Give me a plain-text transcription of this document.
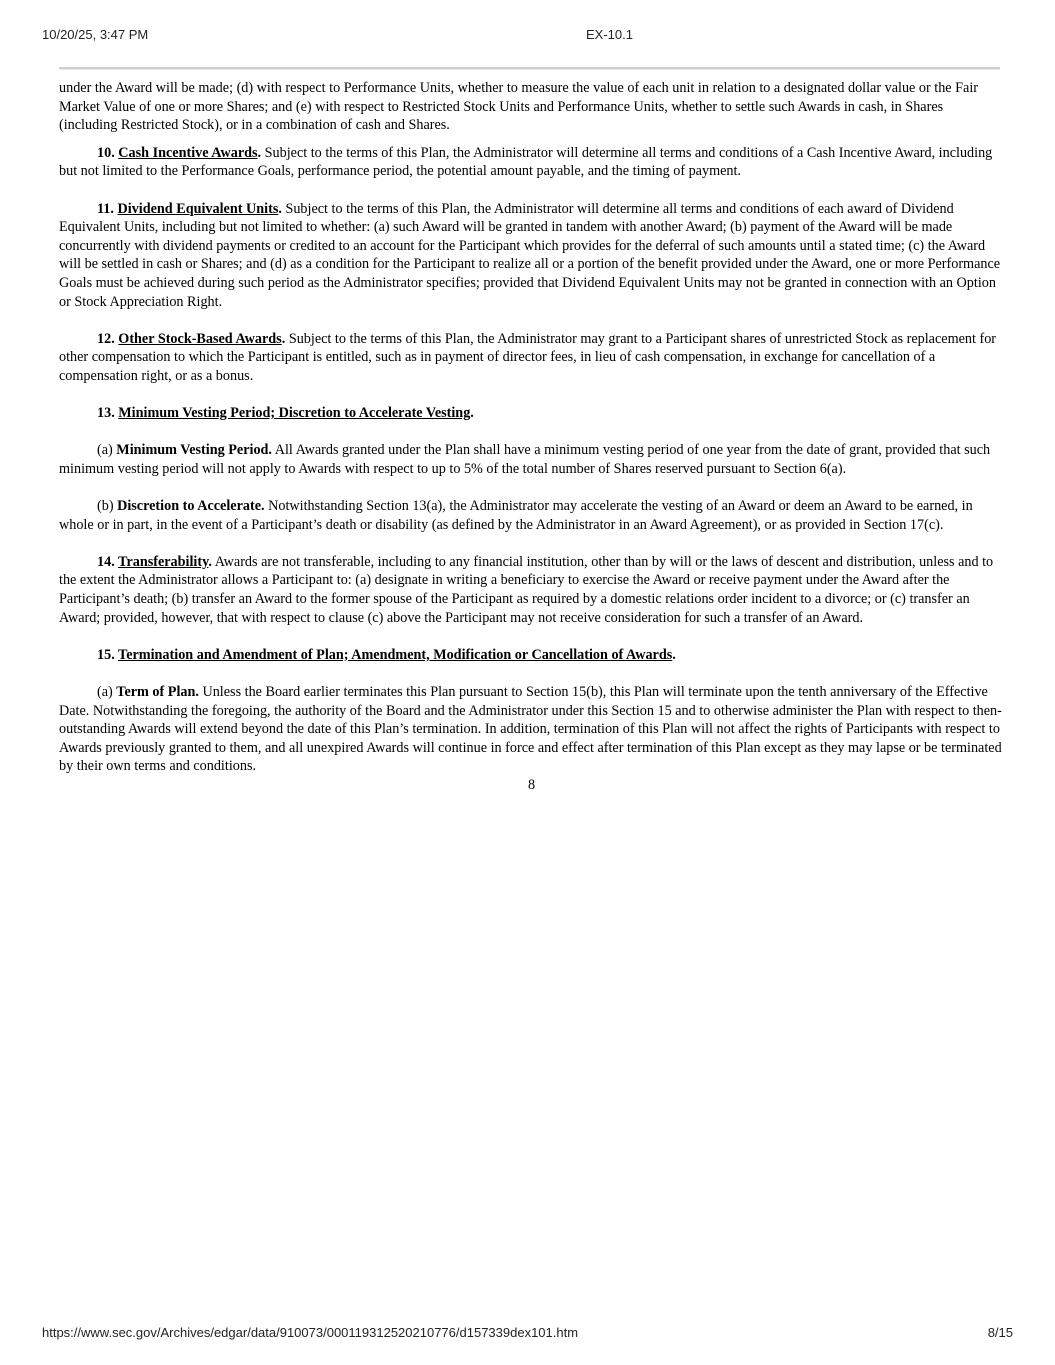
10/20/25, 3:47 PM	EX-10.1

under the Award will be made; (d) with respect to Performance Units, whether to measure the value of each unit in relation to a designated dollar value or the Fair Market Value of one or more Shares; and (e) with respect to Restricted Stock Units and Performance Units, whether to settle such Awards in cash, in Shares (including Restricted Stock), or in a combination of cash and Shares.

10. Cash Incentive Awards. Subject to the terms of this Plan, the Administrator will determine all terms and conditions of a Cash Incentive Award, including but not limited to the Performance Goals, performance period, the potential amount payable, and the timing of payment.

11. Dividend Equivalent Units. Subject to the terms of this Plan, the Administrator will determine all terms and conditions of each award of Dividend Equivalent Units, including but not limited to whether: (a) such Award will be granted in tandem with another Award; (b) payment of the Award will be made concurrently with dividend payments or credited to an account for the Participant which provides for the deferral of such amounts until a stated time; (c) the Award will be settled in cash or Shares; and (d) as a condition for the Participant to realize all or a portion of the benefit provided under the Award, one or more Performance Goals must be achieved during such period as the Administrator specifies; provided that Dividend Equivalent Units may not be granted in connection with an Option or Stock Appreciation Right.

12. Other Stock-Based Awards. Subject to the terms of this Plan, the Administrator may grant to a Participant shares of unrestricted Stock as replacement for other compensation to which the Participant is entitled, such as in payment of director fees, in lieu of cash compensation, in exchange for cancellation of a compensation right, or as a bonus.

13. Minimum Vesting Period; Discretion to Accelerate Vesting.

(a) Minimum Vesting Period. All Awards granted under the Plan shall have a minimum vesting period of one year from the date of grant, provided that such minimum vesting period will not apply to Awards with respect to up to 5% of the total number of Shares reserved pursuant to Section 6(a).

(b) Discretion to Accelerate. Notwithstanding Section 13(a), the Administrator may accelerate the vesting of an Award or deem an Award to be earned, in whole or in part, in the event of a Participant’s death or disability (as defined by the Administrator in an Award Agreement), or as provided in Section 17(c).

14. Transferability. Awards are not transferable, including to any financial institution, other than by will or the laws of descent and distribution, unless and to the extent the Administrator allows a Participant to: (a) designate in writing a beneficiary to exercise the Award or receive payment under the Award after the Participant’s death; (b) transfer an Award to the former spouse of the Participant as required by a domestic relations order incident to a divorce; or (c) transfer an Award; provided, however, that with respect to clause (c) above the Participant may not receive consideration for such a transfer of an Award.

15. Termination and Amendment of Plan; Amendment, Modification or Cancellation of Awards.

(a) Term of Plan. Unless the Board earlier terminates this Plan pursuant to Section 15(b), this Plan will terminate upon the tenth anniversary of the Effective Date. Notwithstanding the foregoing, the authority of the Board and the Administrator under this Section 15 and to otherwise administer the Plan with respect to then-outstanding Awards will extend beyond the date of this Plan’s termination. In addition, termination of this Plan will not affect the rights of Participants with respect to Awards previously granted to them, and all unexpired Awards will continue in force and effect after termination of this Plan except as they may lapse or be terminated by their own terms and conditions.

8

https://www.sec.gov/Archives/edgar/data/910073/000119312520210776/d157339dex101.htm	8/15
